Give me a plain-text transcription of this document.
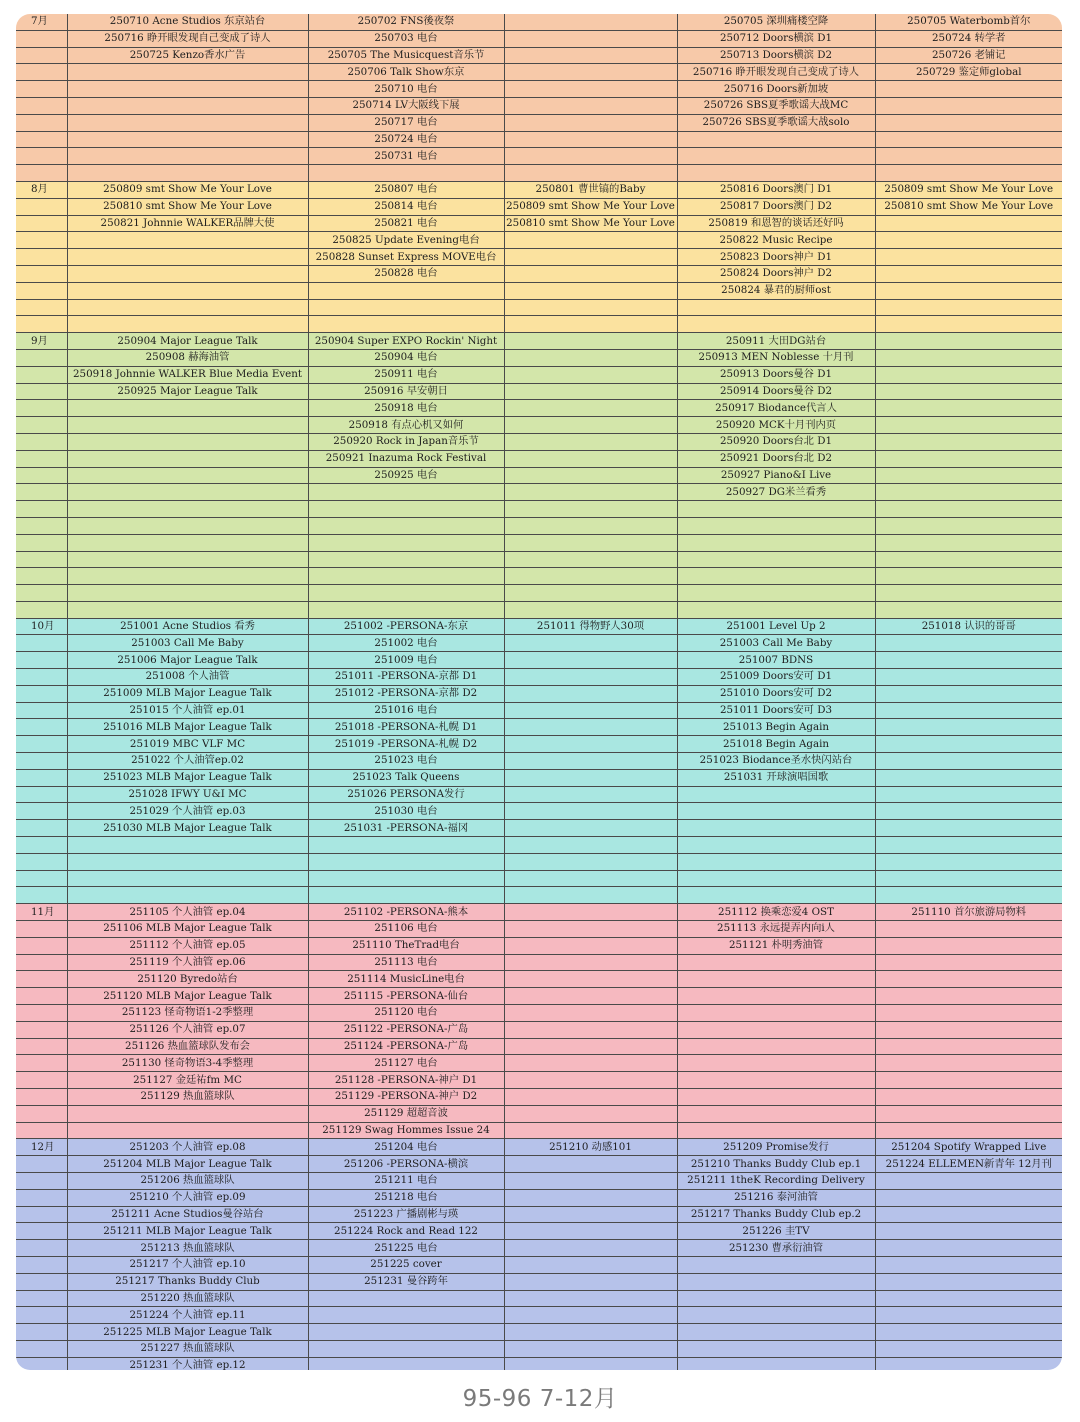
7月	250710 Acne Studios 东京站台	250702 FNS後夜祭		250705 深圳痛楼空降	250705 Waterbomb首尔
	250716 睁开眼发现自己变成了诗人	250703 电台		250712 Doors横滨 D1	250724 转学者
	250725 Kenzo香水广告	250705 The Musicquest音乐节		250713 Doors横滨 D2	250726 老铺记
		250706 Talk Show东京		250716 睁开眼发现自己变成了诗人	250729 鉴定师global
		250710 电台		250716 Doors新加坡	
		250714 LV大阪线下展		250726 SBS夏季歌谣大战MC	
		250717 电台		250726 SBS夏季歌谣大战solo	
		250724 电台			
		250731 电台			

8月	250809 smt Show Me Your Love	250807 电台	250801 曹世镐的Baby	250816 Doors澳门 D1	250809 smt Show Me Your Love
	250810 smt Show Me Your Love	250814 电台	250809 smt Show Me Your Love	250817 Doors澳门 D2	250810 smt Show Me Your Love
	250821 Johnnie WALKER品牌大使	250821 电台	250810 smt Show Me Your Love	250819 和恩智的谈话还好吗	
		250825 Update Evening电台		250822 Music Recipe	
		250828 Sunset Express MOVE电台		250823 Doors神户 D1	
		250828 电台		250824 Doors神户 D2	
				250824 暴君的厨师ost	

9月	250904 Major League Talk	250904 Super EXPO Rockin' Night		250911 大田DG站台	
	250908 赫海油管	250904 电台		250913 MEN Noblesse 十月刊	
	250918 Johnnie WALKER Blue Media Event	250911 电台		250913 Doors曼谷 D1	
	250925 Major League Talk	250916 早安朝日		250914 Doors曼谷 D2	
		250918 电台		250917 Biodance代言人	
		250918 有点心机又如何		250920 MCK十月刊内页	
		250920 Rock in Japan音乐节		250920 Doors台北 D1	
		250921 Inazuma Rock Festival		250921 Doors台北 D2	
		250925 电台		250927 Piano&I Live	
				250927 DG米兰看秀	

10月	251001 Acne Studios 看秀	251002 -PERSONA-东京	251011 得物野人30项	251001 Level Up 2	251018 认识的哥哥
	251003 Call Me Baby	251002 电台		251003 Call Me Baby	
	251006 Major League Talk	251009 电台		251007 BDNS	
	251008 个人油管	251011 -PERSONA-京都 D1		251009 Doors安可 D1	
	251009 MLB Major League Talk	251012 -PERSONA-京都 D2		251010 Doors安可 D2	
	251015 个人油管 ep.01	251016 电台		251011 Doors安可 D3	
	251016 MLB Major League Talk	251018 -PERSONA-札幌 D1		251013 Begin Again	
	251019 MBC VLF MC	251019 -PERSONA-札幌 D2		251018 Begin Again	
	251022 个人油管ep.02	251023 电台		251023 Biodance圣水快闪站台	
	251023 MLB Major League Talk	251023 Talk Queens		251031 开球演唱国歌	
	251028 IFWY U&I MC	251026 PERSONA发行			
	251029 个人油管 ep.03	251030 电台			
	251030 MLB Major League Talk	251031 -PERSONA-福冈			

11月	251105 个人油管 ep.04	251102 -PERSONA-熊本		251112 换乘恋爱4 OST	251110 首尔旅游局物料
	251106 MLB Major League Talk	251106 电台		251113 永远提弄内向i人	
	251112 个人油管 ep.05	251110 TheTrad电台		251121 朴明秀油管	
	251119 个人油管 ep.06	251113 电台			
	251120 Byredo站台	251114 MusicLine电台			
	251120 MLB Major League Talk	251115 -PERSONA-仙台			
	251123 怪奇物语1-2季整理	251120 电台			
	251126 个人油管 ep.07	251122 -PERSONA-广岛			
	251126 热血篮球队发布会	251124 -PERSONA-广岛			
	251130 怪奇物语3-4季整理	251127 电台			
	251127 金廷祐fm MC	251128 -PERSONA-神户 D1			
	251129 热血篮球队	251129 -PERSONA-神户 D2			
		251129 超超音波			
		251129 Swag Hommes Issue 24			
12月	251203 个人油管 ep.08	251204 电台	251210 动感101	251209 Promise发行	251204 Spotify Wrapped Live
	251204 MLB Major League Talk	251206 -PERSONA-横滨		251210 Thanks Buddy Club ep.1	251224 ELLEMEN新青年 12月刊
	251206 热血篮球队	251211 电台		251211 1theK Recording Delivery	
	251210 个人油管 ep.09	251218 电台		251216 泰河油管	
	251211 Acne Studios曼谷站台	251223 广播剧彬与瑛		251217 Thanks Buddy Club ep.2	
	251211 MLB Major League Talk	251224 Rock and Read 122		251226 圭TV	
	251213 热血篮球队	251225 电台		251230 曹承衍油管	
	251217 个人油管 ep.10	251225 cover			
	251217 Thanks Buddy Club	251231 曼谷跨年			
	251220 热血篮球队				
	251224 个人油管 ep.11				
	251225 MLB Major League Talk				
	251227 热血篮球队				
	251231 个人油管 ep.12				
95-96 7-12月
